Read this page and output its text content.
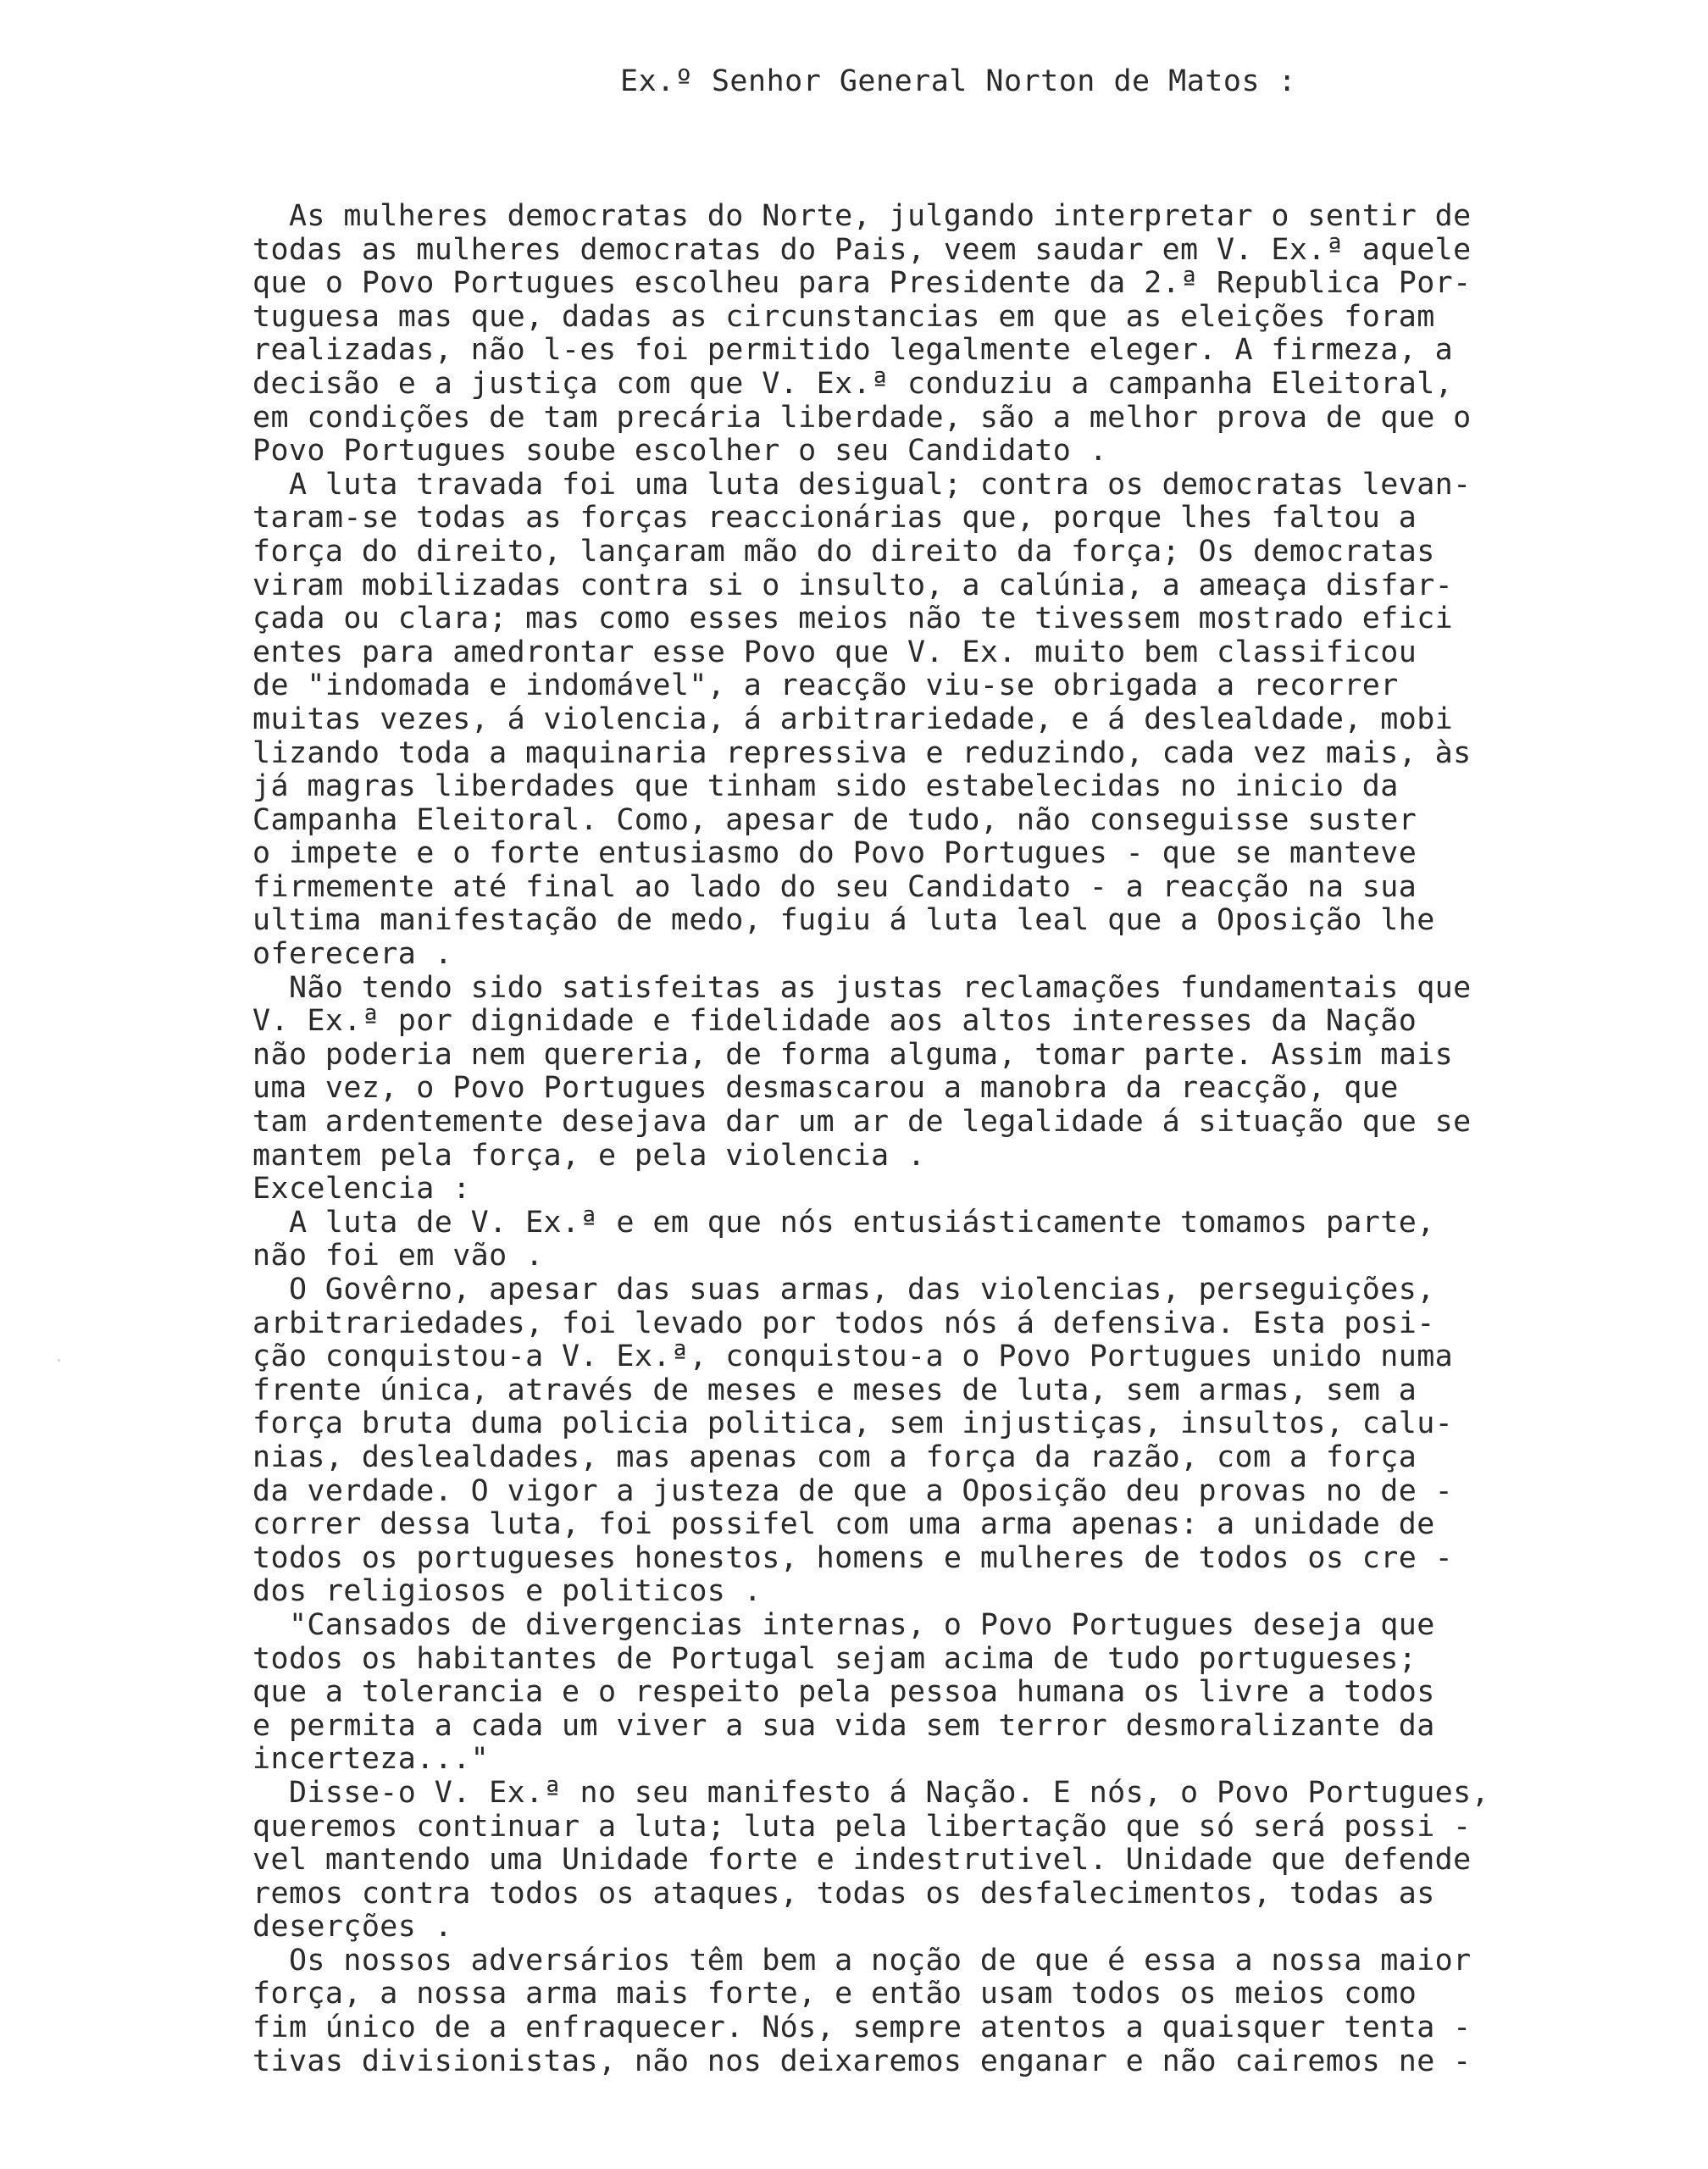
Ex.º Senhor General Norton de Matos :
As mulheres democratas do Norte, julgando interpretar o sentir de
todas as mulheres democratas do Pais, veem saudar em V. Ex.ª aquele
que o Povo Portugues escolheu para Presidente da 2.ª Republica Por-
tuguesa mas que, dadas as circunstancias em que as eleições foram
realizadas, não l-es foi permitido legalmente eleger. A firmeza, a
decisão e a justiça com que V. Ex.ª conduziu a campanha Eleitoral,
em condições de tam precária liberdade, são a melhor prova de que o
Povo Portugues soube escolher o seu Candidato .
A luta travada foi uma luta desigual; contra os democratas levan-
taram-se todas as forças reaccionárias que, porque lhes faltou a
força do direito, lançaram mão do direito da força; Os democratas
viram mobilizadas contra si o insulto, a calúnia, a ameaça disfar-
çada ou clara; mas como esses meios não te tivessem mostrado efici
entes para amedrontar esse Povo que V. Ex. muito bem classificou
de "indomada e indomável", a reacção viu-se obrigada a recorrer
muitas vezes, á violencia, á arbitrariedade, e á deslealdade, mobi
lizando toda a maquinaria repressiva e reduzindo, cada vez mais, às
já magras liberdades que tinham sido estabelecidas no inicio da
Campanha Eleitoral. Como, apesar de tudo, não conseguisse suster
o impete e o forte entusiasmo do Povo Portugues - que se manteve
firmemente até final ao lado do seu Candidato - a reacção na sua
ultima manifestação de medo, fugiu á luta leal que a Oposição lhe
oferecera .
Não tendo sido satisfeitas as justas reclamações fundamentais que
V. Ex.ª por dignidade e fidelidade aos altos interesses da Nação
não poderia nem quereria, de forma alguma, tomar parte. Assim mais
uma vez, o Povo Portugues desmascarou a manobra da reacção, que
tam ardentemente desejava dar um ar de legalidade á situação que se
mantem pela força, e pela violencia .
Excelencia :
A luta de V. Ex.ª e em que nós entusiásticamente tomamos parte,
não foi em vão .
O Govêrno, apesar das suas armas, das violencias, perseguições,
arbitrariedades, foi levado por todos nós á defensiva. Esta posi-
ção conquistou-a V. Ex.ª, conquistou-a o Povo Portugues unido numa
frente única, através de meses e meses de luta, sem armas, sem a
força bruta duma policia politica, sem injustiças, insultos, calu-
nias, deslealdades, mas apenas com a força da razão, com a força
da verdade. O vigor a justeza de que a Oposição deu provas no de -
correr dessa luta, foi possifel com uma arma apenas: a unidade de
todos os portugueses honestos, homens e mulheres de todos os cre -
dos religiosos e politicos .
"Cansados de divergencias internas, o Povo Portugues deseja que
todos os habitantes de Portugal sejam acima de tudo portugueses;
que a tolerancia e o respeito pela pessoa humana os livre a todos
e permita a cada um viver a sua vida sem terror desmoralizante da
incerteza..."
Disse-o V. Ex.ª no seu manifesto á Nação. E nós, o Povo Portugues,
queremos continuar a luta; luta pela libertação que só será possi -
vel mantendo uma Unidade forte e indestrutivel. Unidade que defende
remos contra todos os ataques, todas os desfalecimentos, todas as
deserções .
Os nossos adversários têm bem a noção de que é essa a nossa maior
força, a nossa arma mais forte, e então usam todos os meios como
fim único de a enfraquecer. Nós, sempre atentos a quaisquer tenta -
tivas divisionistas, não nos deixaremos enganar e não cairemos ne -
